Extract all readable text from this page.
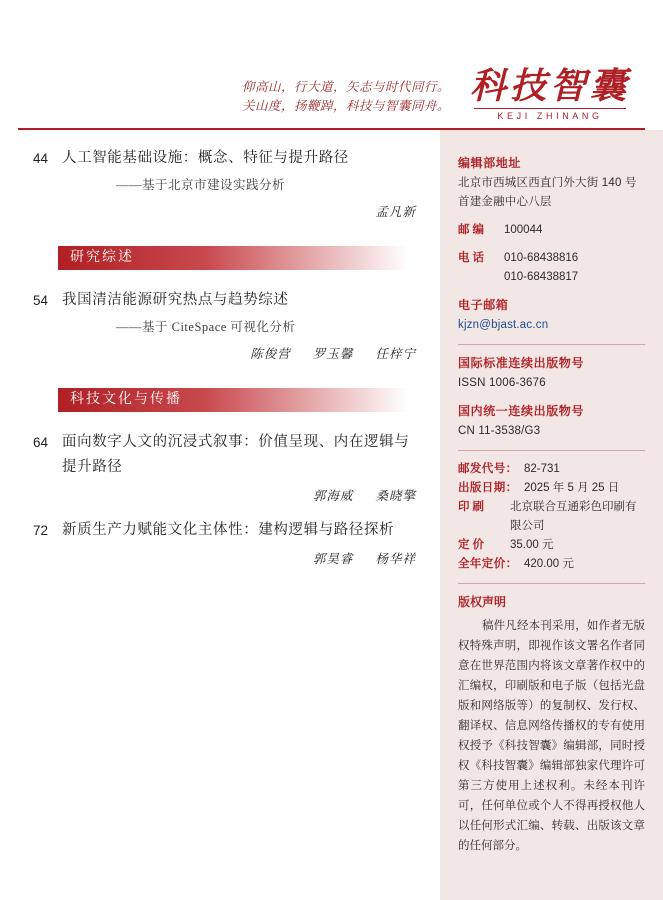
仰高山，行大道，矢志与时代同行。
关山度，扬鞭踔，科技与智囊同舟。 科技智囊
KEJI ZHINANG
44 人工智能基础设施：概念、特征与提升路径
——基于北京市建设实践分析
孟凡新
研究综述
54 我国清洁能源研究热点与趋势综述
——基于 CiteSpace 可视化分析
陈俊营 罗玉馨 任梓宁
科技文化与传播
64 面向数字人文的沉浸式叙事：价值呈现、内在逻辑与提升路径
郭海威 桑晓擎
72 新质生产力赋能文化主体性：建构逻辑与路径探析
郭昊睿 杨华祥
编辑部地址
北京市西城区西直门外大街 140 号
首建金融中心八层
邮编	100044
电话	010-68438816
010-68438817
电子邮箱
kjzn@bjast.ac.cn
国际标准连续出版物号
ISSN 1006-3676
国内统一连续出版物号
CN 11-3538/G3
邮发代号： 82-731
出版日期： 2025 年 5 月 25 日
印刷	北京联合互通彩色印刷有限公司
定价	35.00 元
全年定价： 420.00 元
版权声明

稿件凡经本刊采用，如作者无版权特殊声明，即视作该文署名作者同意在世界范围内将该文章著作权中的汇编权，印刷版和电子版（包括光盘版和网络版等）的复制权、发行权、翻译权、信息网络传播权的专有使用权授予《科技智囊》编辑部，同时授权《科技智囊》编辑部独家代理许可第三方使用上述权利。未经本刊许可，任何单位或个人不得再授权他人以任何形式汇编、转载、出版该文章的任何部分。
